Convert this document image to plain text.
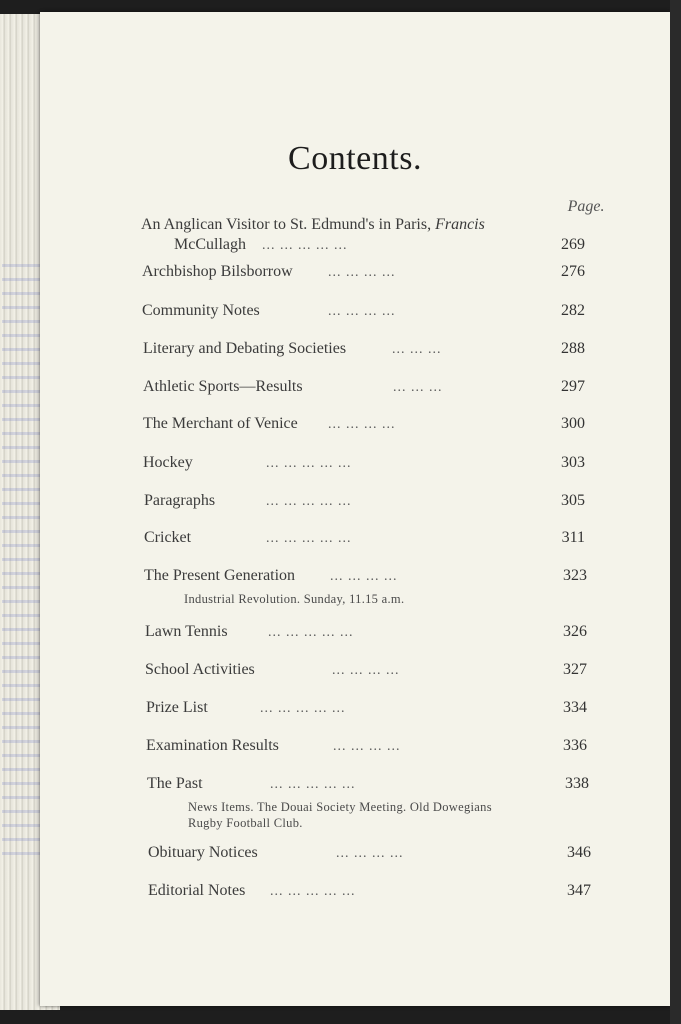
Contents.
Page.
An Anglican Visitor to St. Edmund's in Paris, Francis
McCullagh ... ... ... ... ...	269
Archbishop Bilsborrow	... ... ... ...	276
Community Notes	... ... ... ...	282
Literary and Debating Societies	... ... ...	288
Athletic Sports—Results	... ... ...	297
The Merchant of Venice ... ... ... ...	300
Hockey	... ... ... ... ...	303
Paragraphs	... ... ... ... ...	305
Cricket	... ... ... ... ...	311
The Present Generation ... ... ... ...	323
Industrial Revolution. Sunday, 11.15 a.m.
Lawn Tennis	... ... ... ... ...	326
School Activities	... ... ... ...	327
Prize List	... ... ... ... ...	334
Examination Results	... ... ... ...	336
The Past	... ... ... ... ...	338
News Items. The Douai Society Meeting. Old Dowegians
Rugby Football Club.
Obituary Notices	... ... ... ...	346
Editorial Notes ... ... ... ... ...	347
